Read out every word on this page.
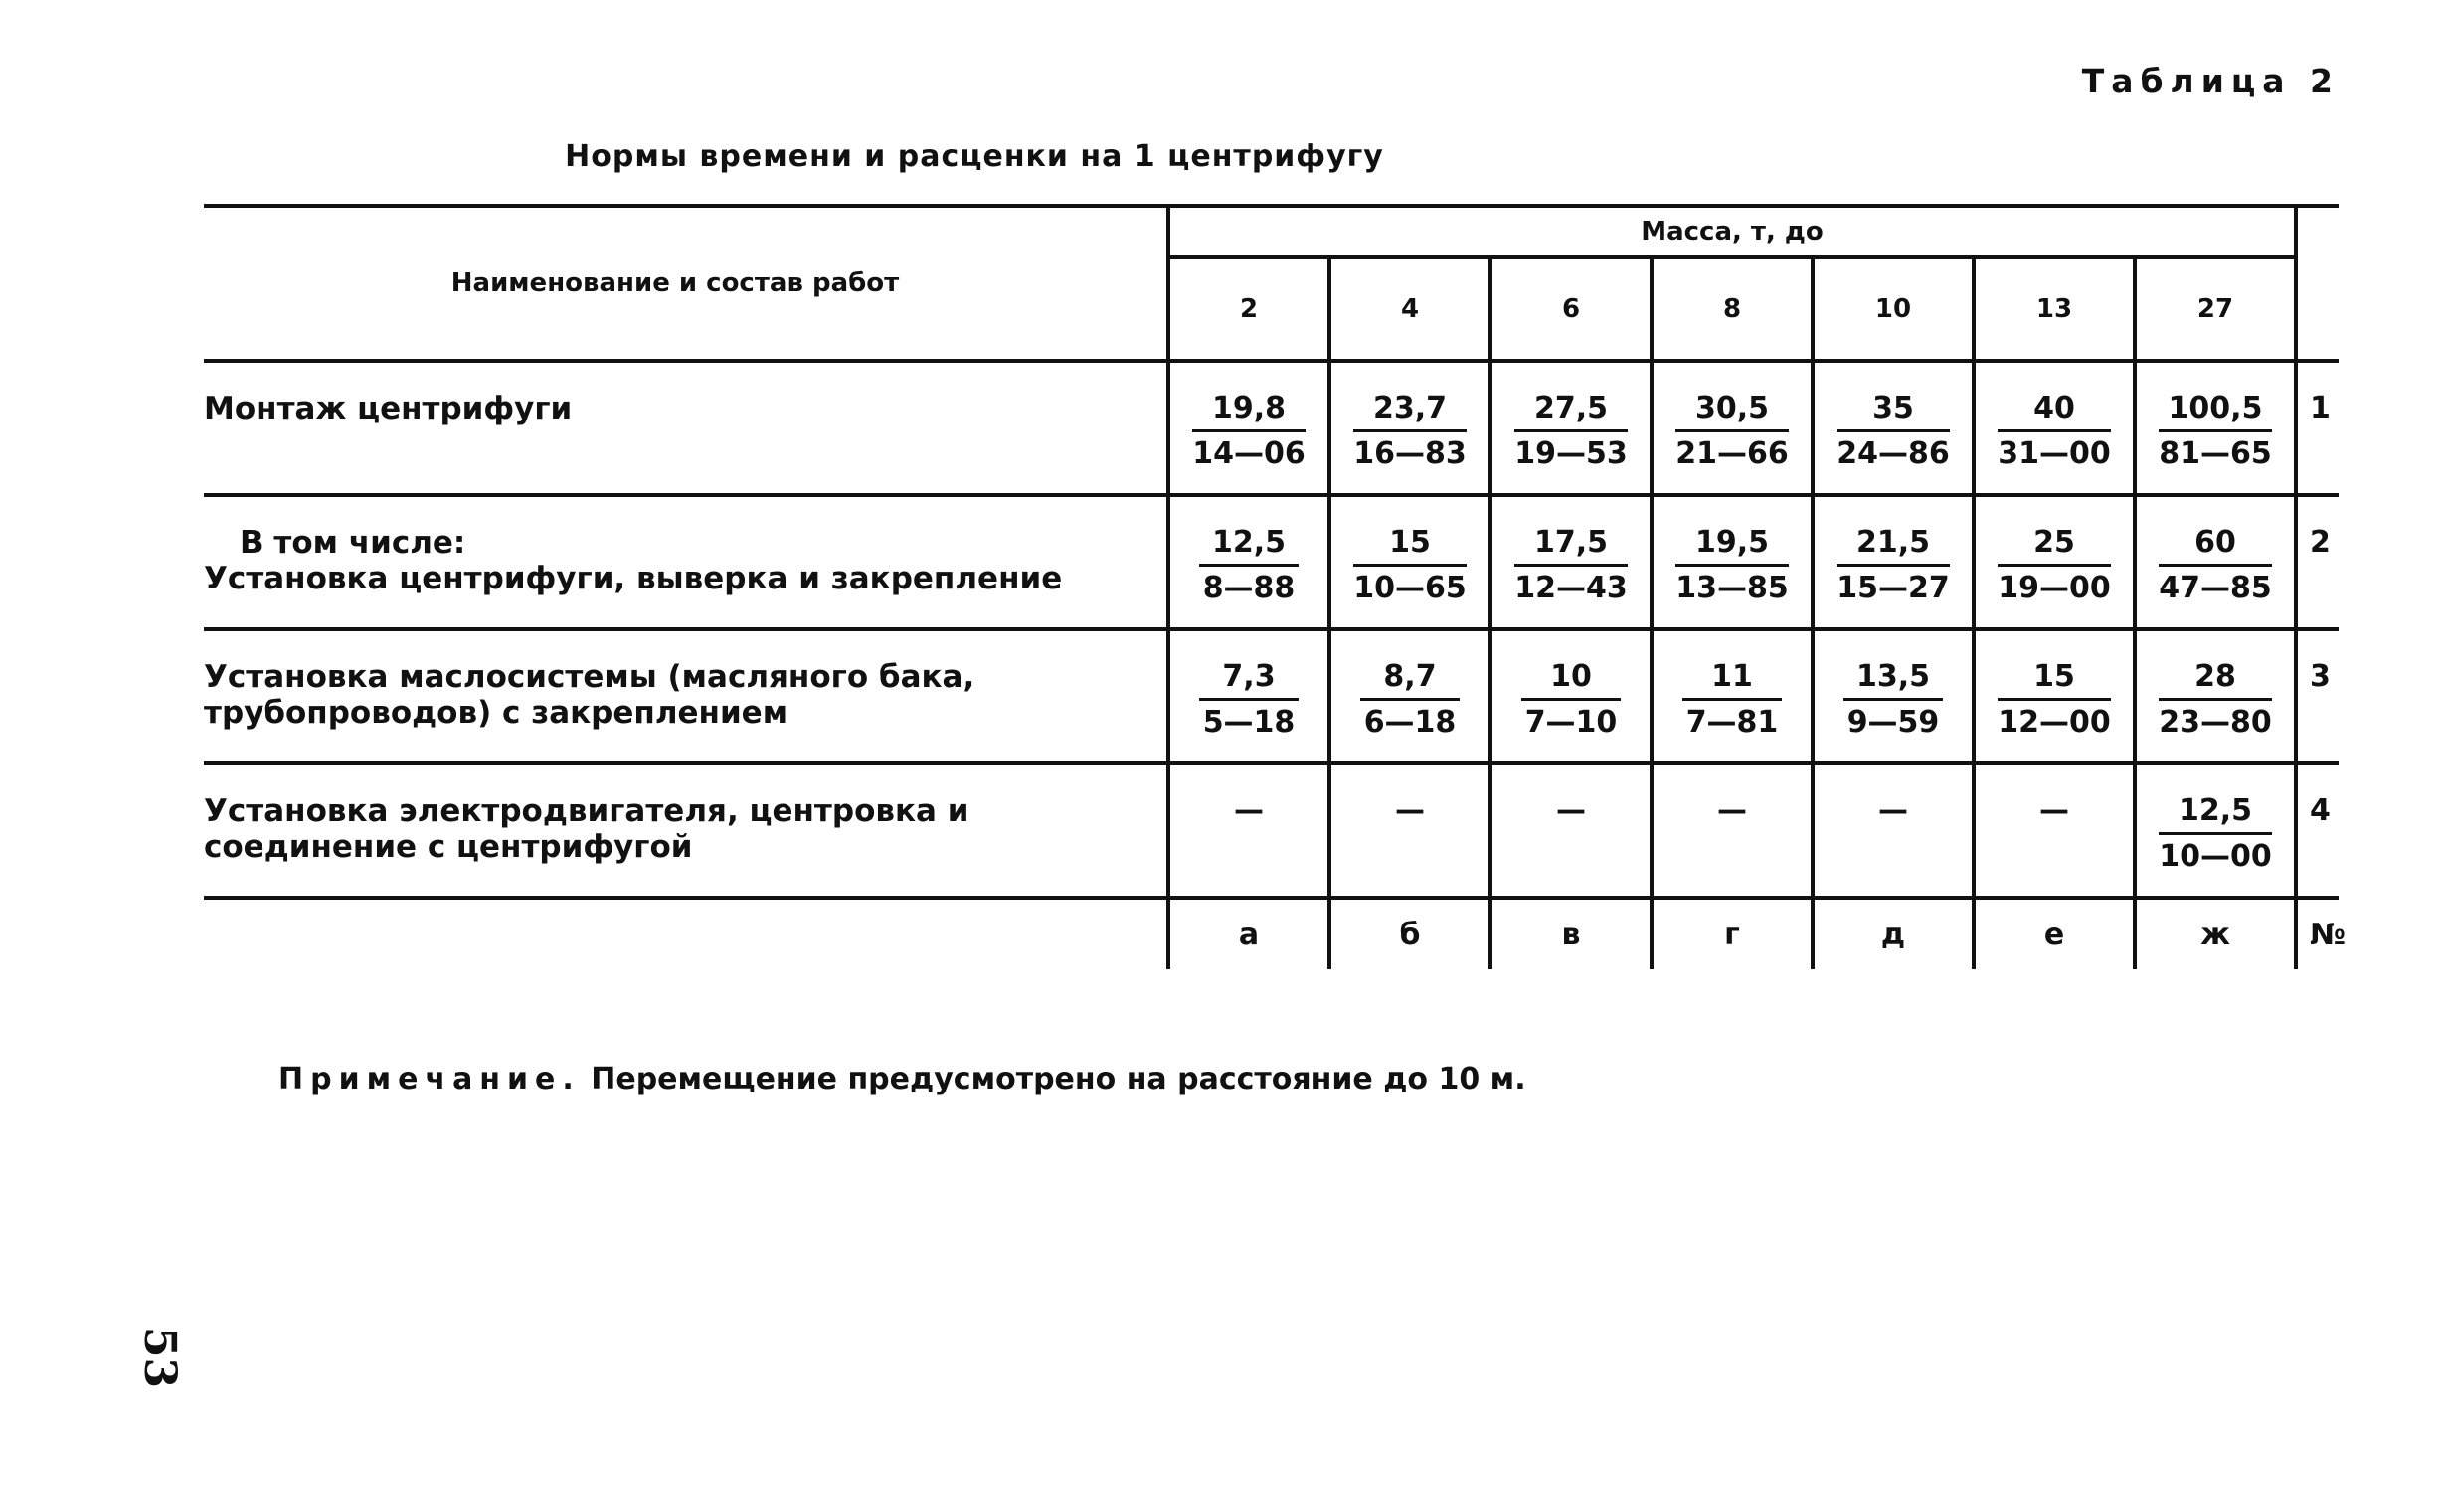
Таблица 2
Нормы времени и расценки на 1 центрифугу
Наименование и состав работ	Масса, т, до							
	2	4	6	8	10	13	27	
Монтаж центрифуги	$\frac{19,8}{14—06}$	$\frac{23,7}{16—83}$	$\frac{27,5}{19—53}$	$\frac{30,5}{21—66}$	$\frac{35}{24—86}$	$\frac{40}{31—00}$	$\frac{100,5}{81—65}$	1

В том числе:
Установка центрифуги, выверка и закрепление	$\frac{12,5}{8—88}$	$\frac{15}{10—65}$	$\frac{17,5}{12—43}$	$\frac{19,5}{13—85}$	$\frac{21,5}{15—27}$	$\frac{25}{19—00}$	$\frac{60}{47—85}$	2
Установка маслосистемы (масляного бака, трубопроводов) с закреплением	$\frac{7,3}{5—18}$	$\frac{8,7}{6—18}$	$\frac{10}{7—10}$	$\frac{11}{7—81}$	$\frac{13,5}{9—59}$	$\frac{15}{12—00}$	$\frac{28}{23—80}$	3
Установка электродвигателя, центровка и соединение с центрифугой	—	—	—	—	—	—	$\frac{12,5}{10—00}$	4
	а	б	в	г	д	е	ж	№
Примечание. Перемещение предусмотрено на расстояние до 10 м.
53
